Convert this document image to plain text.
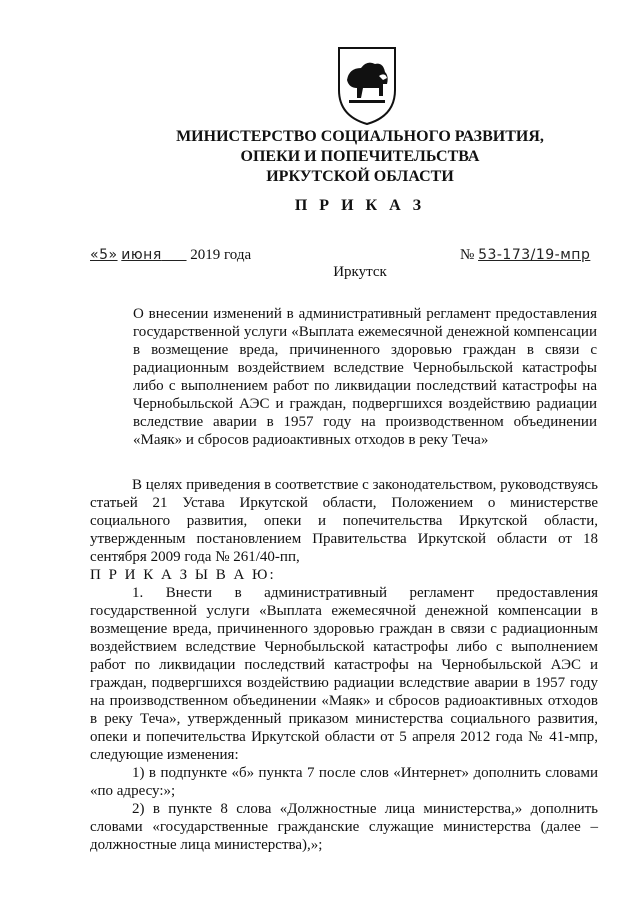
МИНИСТЕРСТВО СОЦИАЛЬНОГО РАЗВИТИЯ,
ОПЕКИ И ПОПЕЧИТЕЛЬСТВА
ИРКУТСКОЙ ОБЛАСТИ
П Р И К А З
«5» июня 2019 года	№ 53-173/19-мпр
Иркутск
О внесении изменений в административный регламент предоставления государственной услуги «Выплата ежемесячной денежной компенсации в возмещение вреда, причиненного здоровью граждан в связи с радиационным воздействием вследствие Чернобыльской катастрофы либо с выполнением работ по ликвидации последствий катастрофы на Чернобыльской АЭС и граждан, подвергшихся воздействию радиации вследствие аварии в 1957 году на производственном объединении «Маяк» и сбросов радиоактивных отходов в реку Теча»

В целях приведения в соответствие с законодательством, руководствуясь статьей 21 Устава Иркутской области, Положением о министерстве социального развития, опеки и попечительства Иркутской области, утвержденным постановлением Правительства Иркутской области от 18 сентября 2009 года № 261/40-пп,

П Р И К А З Ы В А Ю:

1. Внести в административный регламент предоставления государственной услуги «Выплата ежемесячной денежной компенсации в возмещение вреда, причиненного здоровью граждан в связи с радиационным воздействием вследствие Чернобыльской катастрофы либо с выполнением работ по ликвидации последствий катастрофы на Чернобыльской АЭС и граждан, подвергшихся воздействию радиации вследствие аварии в 1957 году на производственном объединении «Маяк» и сбросов радиоактивных отходов в реку Теча», утвержденный приказом министерства социального развития, опеки и попечительства Иркутской области от 5 апреля 2012 года № 41-мпр, следующие изменения:

1) в подпункте «б» пункта 7 после слов «Интернет» дополнить словами «по адресу:»;

2) в пункте 8 слова «Должностные лица министерства,» дополнить словами «государственные гражданские служащие министерства (далее – должностные лица министерства),»;
